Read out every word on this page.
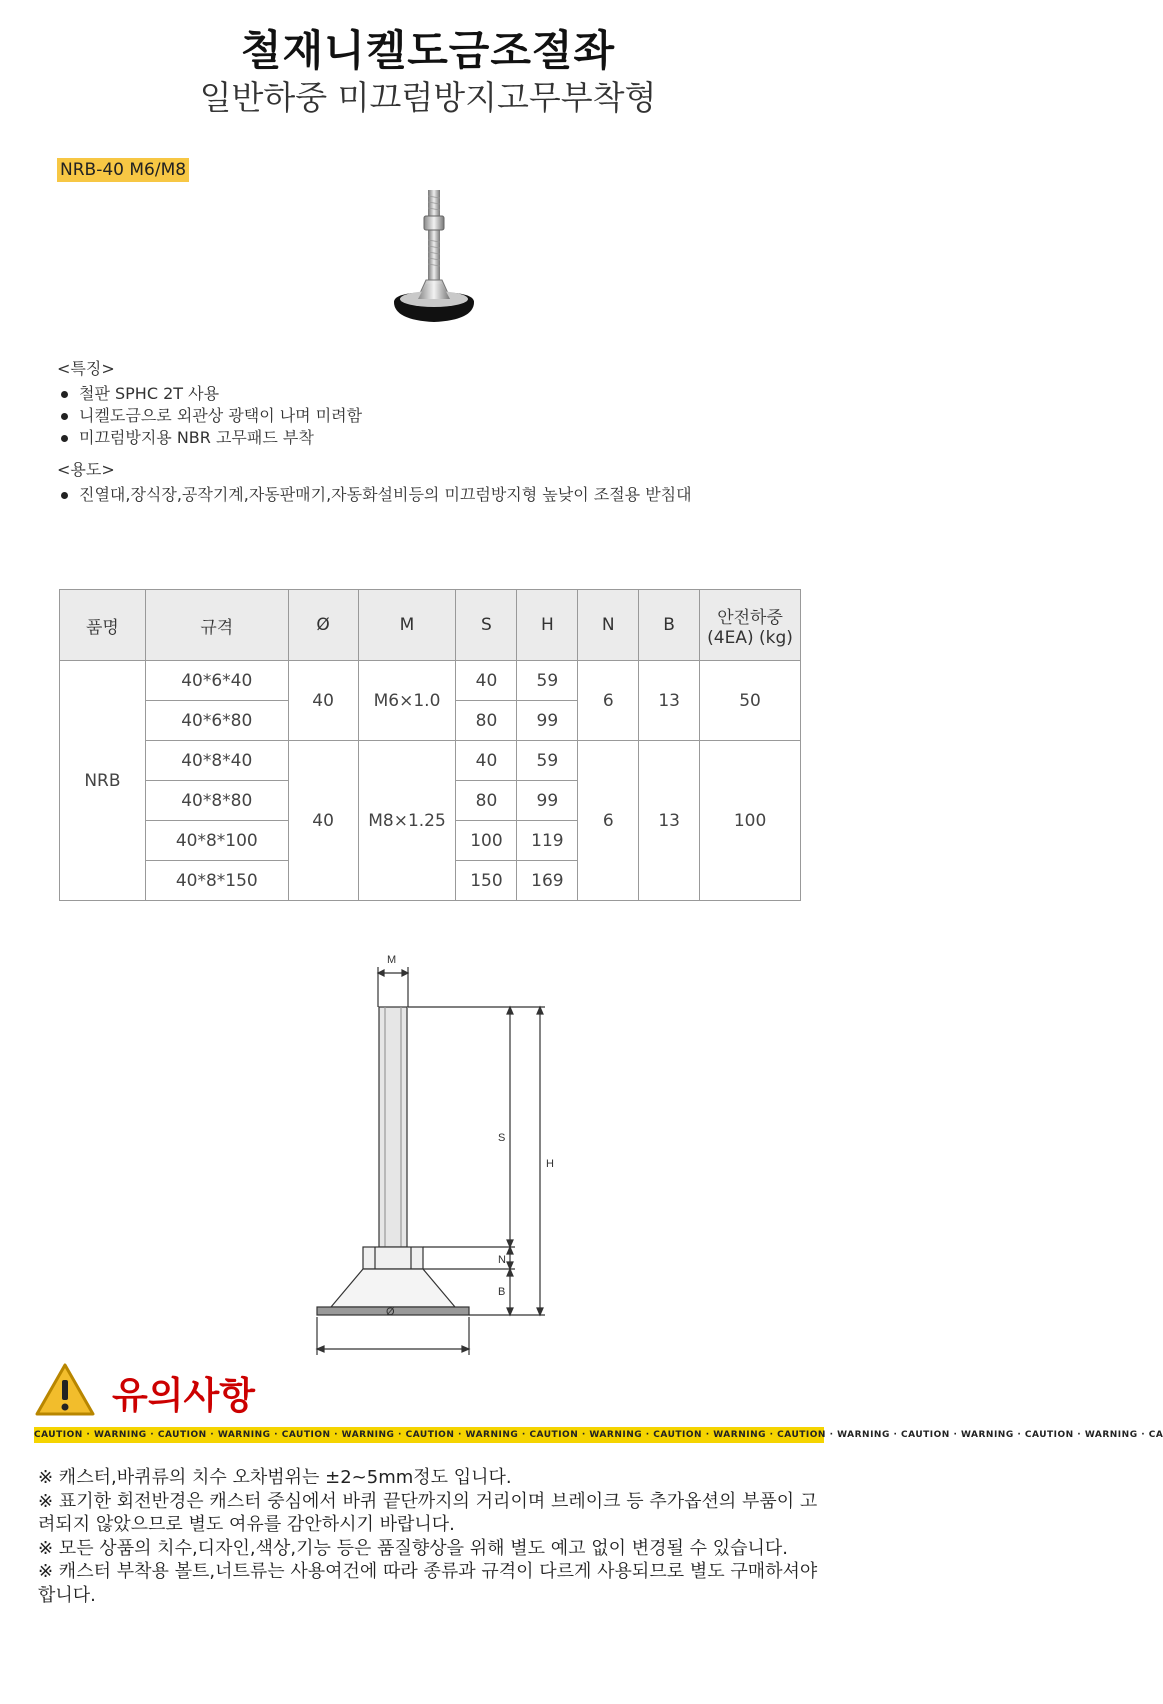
철재니켈도금조절좌
일반하중 미끄럼방지고무부착형
NRB-40 M6/M8
<특징>
철판 SPHC 2T 사용
니켈도금으로 외관상 광택이 나며 미려함
미끄럼방지용 NBR 고무패드 부착
<용도>
진열대,장식장,공작기계,자동판매기,자동화설비등의 미끄럼방지형 높낮이 조절용 받침대
품명	규격	Ø	M	S	H	N	B	안전하중 (4EA) (kg)
NRB	40*6*40	40	M6×1.0	40	59	6	13	50
	40*6*80			80	99			
	40*8*40	40	M8×1.25	40	59	6	13	100
	40*8*80			80	99			
	40*8*100			100	119			
	40*8*150			150	169			
M
S
H
N
B
Ø
유의사항
CAUTION · WARNING · CAUTION · WARNING · CAUTION · WARNING · CAUTION · WARNING · CAUTION · WARNING · CAUTION · WARNING · CAUTION · WARNING · CAUTION · WARNING · CAUTION · WARNING · CA

※ 캐스터,바퀴류의 치수 오차범위는 ±2~5mm정도 입니다.

※ 표기한 회전반경은 캐스터 중심에서 바퀴 끝단까지의 거리이며 브레이크 등 추가옵션의 부품이 고려되지 않았으므로 별도 여유를 감안하시기 바랍니다.

※ 모든 상품의 치수,디자인,색상,기능 등은 품질향상을 위해 별도 예고 없이 변경될 수 있습니다.

※ 캐스터 부착용 볼트,너트류는 사용여건에 따라 종류과 규격이 다르게 사용되므로 별도 구매하셔야합니다.
